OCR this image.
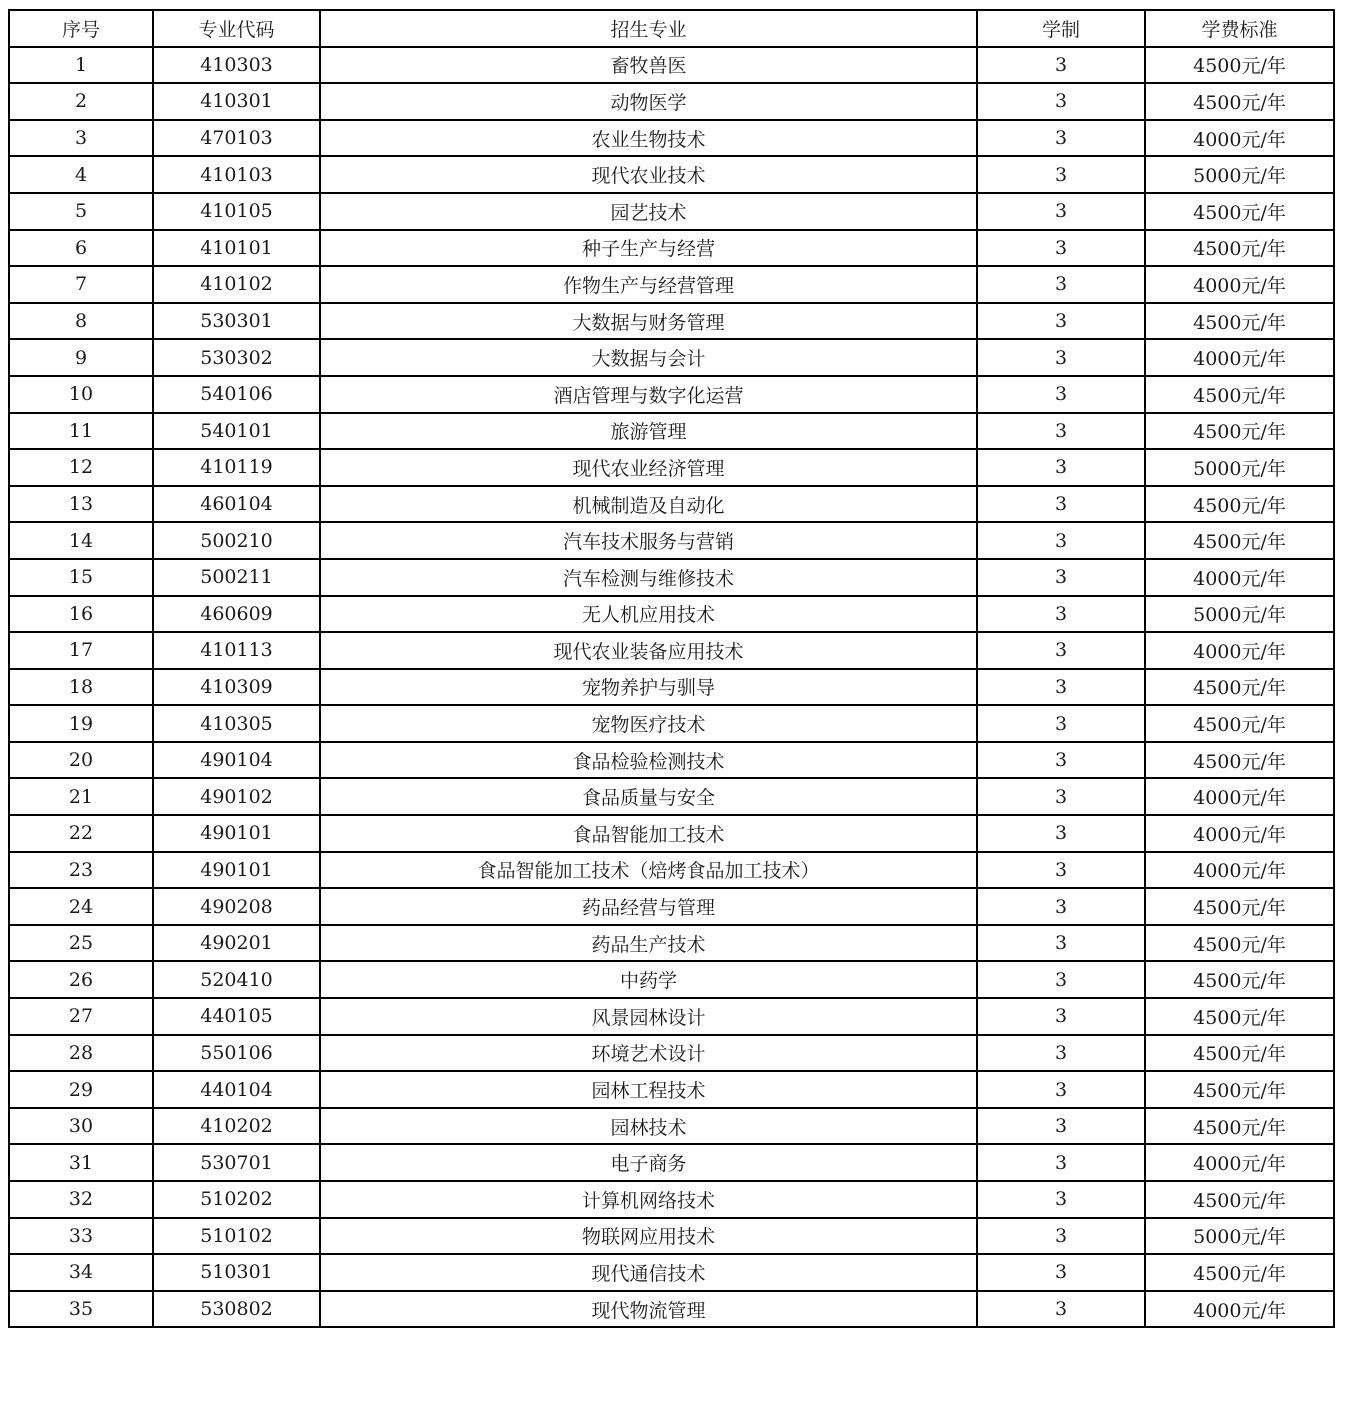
序号	专业代码	招生专业	学制	学费标准
1	410303	畜牧兽医	3	4500元/年
2	410301	动物医学	3	4500元/年
3	470103	农业生物技术	3	4000元/年
4	410103	现代农业技术	3	5000元/年
5	410105	园艺技术	3	4500元/年
6	410101	种子生产与经营	3	4500元/年
7	410102	作物生产与经营管理	3	4000元/年
8	530301	大数据与财务管理	3	4500元/年
9	530302	大数据与会计	3	4000元/年
10	540106	酒店管理与数字化运营	3	4500元/年
11	540101	旅游管理	3	4500元/年
12	410119	现代农业经济管理	3	5000元/年
13	460104	机械制造及自动化	3	4500元/年
14	500210	汽车技术服务与营销	3	4500元/年
15	500211	汽车检测与维修技术	3	4000元/年
16	460609	无人机应用技术	3	5000元/年
17	410113	现代农业装备应用技术	3	4000元/年
18	410309	宠物养护与驯导	3	4500元/年
19	410305	宠物医疗技术	3	4500元/年
20	490104	食品检验检测技术	3	4500元/年
21	490102	食品质量与安全	3	4000元/年
22	490101	食品智能加工技术	3	4000元/年
23	490101	食品智能加工技术（焙烤食品加工技术）	3	4000元/年
24	490208	药品经营与管理	3	4500元/年
25	490201	药品生产技术	3	4500元/年
26	520410	中药学	3	4500元/年
27	440105	风景园林设计	3	4500元/年
28	550106	环境艺术设计	3	4500元/年
29	440104	园林工程技术	3	4500元/年
30	410202	园林技术	3	4500元/年
31	530701	电子商务	3	4000元/年
32	510202	计算机网络技术	3	4500元/年
33	510102	物联网应用技术	3	5000元/年
34	510301	现代通信技术	3	4500元/年
35	530802	现代物流管理	3	4000元/年
